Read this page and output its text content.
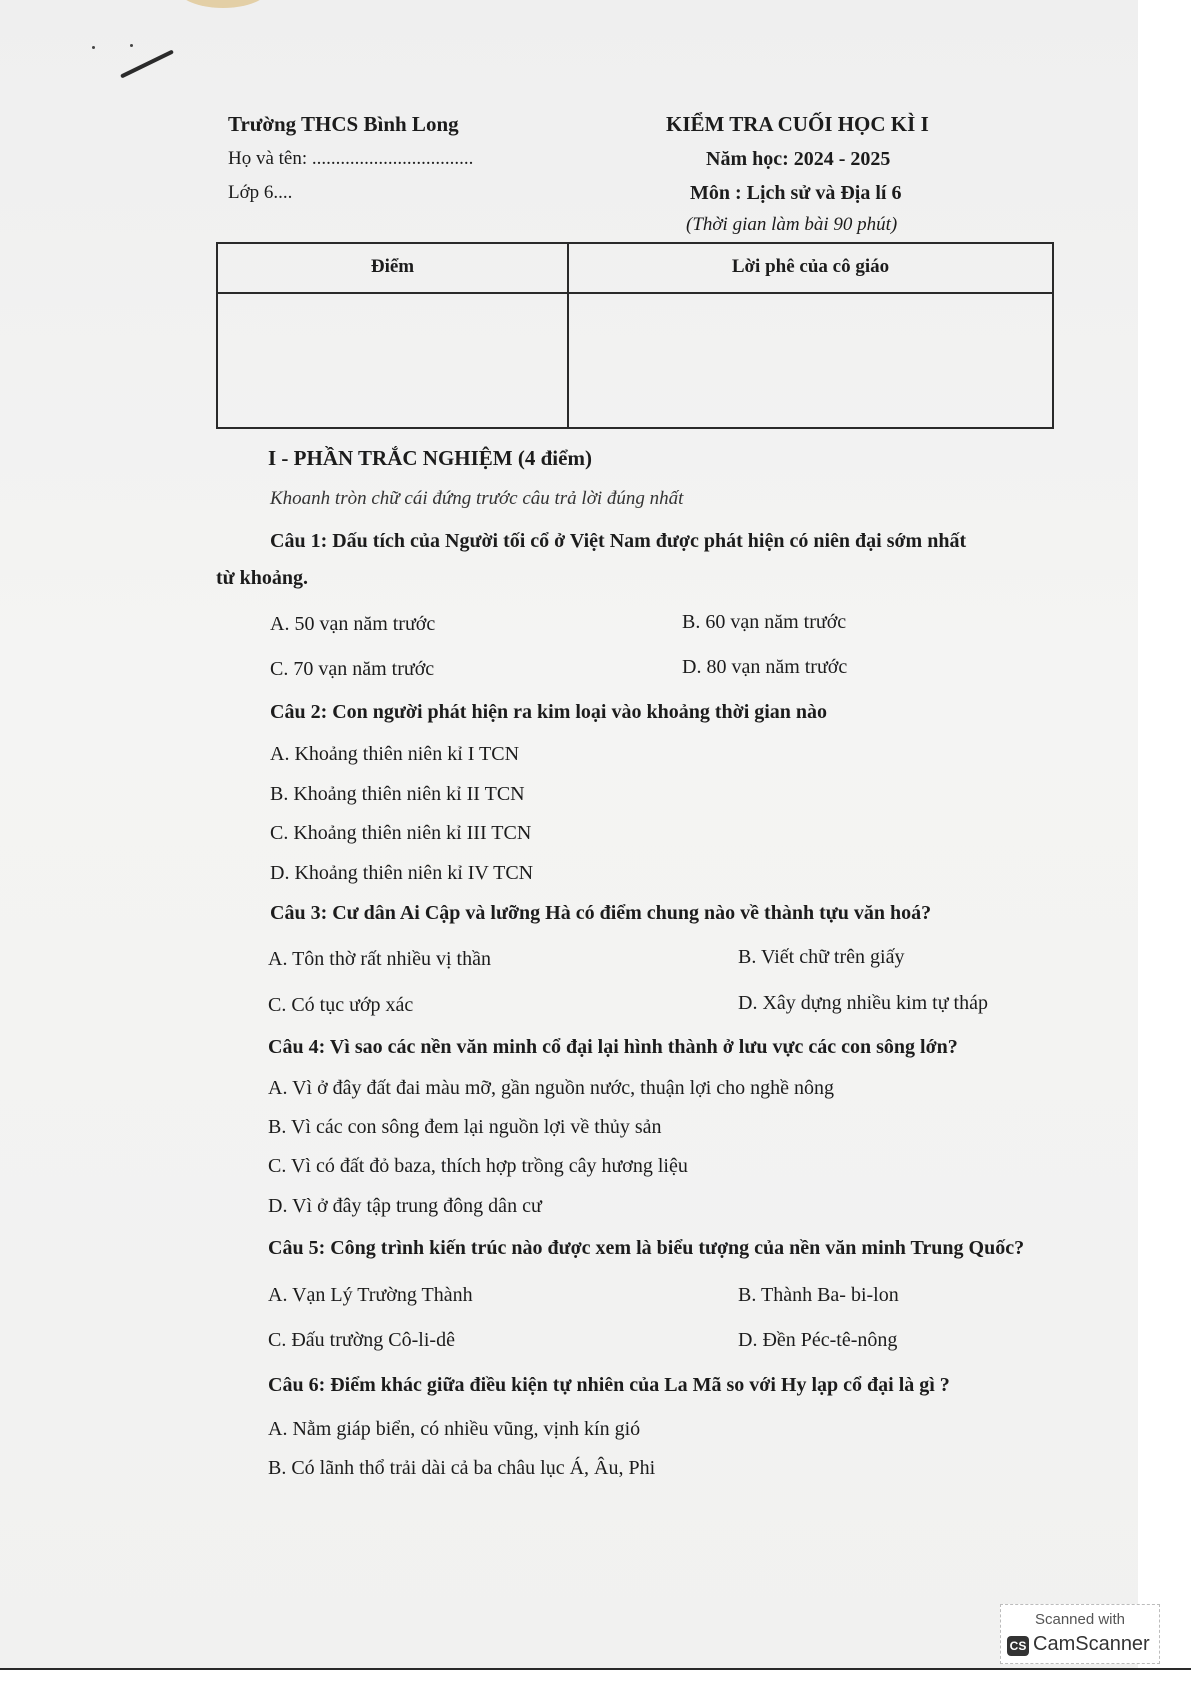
Trường THCS Bình Long
Họ và tên: ..................................
Lớp 6....
KIỂM TRA CUỐI HỌC KÌ I
Năm học: 2024 - 2025
Môn : Lịch sử và Địa lí 6
(Thời gian làm bài 90 phút)
Điểm	Lời phê của cô giáo
I - PHẦN TRẮC NGHIỆM (4 điểm)
Khoanh tròn chữ cái đứng trước câu trả lời đúng nhất
Câu 1: Dấu tích của Người tối cổ ở Việt Nam được phát hiện có niên đại sớm nhất
từ khoảng.
A. 50 vạn năm trước	B. 60 vạn năm trước
C. 70 vạn năm trước	D. 80 vạn năm trước
Câu 2: Con người phát hiện ra kim loại vào khoảng thời gian nào
A. Khoảng thiên niên kỉ I TCN
B. Khoảng thiên niên kỉ II TCN
C. Khoảng thiên niên kỉ III TCN
D. Khoảng thiên niên kỉ IV TCN
Câu 3: Cư dân Ai Cập và lưỡng Hà có điểm chung nào về thành tựu văn hoá?
A. Tôn thờ rất nhiều vị thần	B. Viết chữ trên giấy
C. Có tục ướp xác	D. Xây dựng nhiều kim tự tháp
Câu 4: Vì sao các nền văn minh cổ đại lại hình thành ở lưu vực các con sông lớn?
A. Vì ở đây đất đai màu mỡ, gần nguồn nước, thuận lợi cho nghề nông
B. Vì các con sông đem lại nguồn lợi về thủy sản
C. Vì có đất đỏ baza, thích hợp trồng cây hương liệu
D. Vì ở đây tập trung đông dân cư
Câu 5: Công trình kiến trúc nào được xem là biểu tượng của nền văn minh Trung Quốc?
A. Vạn Lý Trường Thành	B. Thành Ba- bi-lon
C. Đấu trường Cô-li-dê	D. Đền Péc-tê-nông
Câu 6: Điểm khác giữa điều kiện tự nhiên của La Mã so với Hy lạp cổ đại là gì ?
A. Nằm giáp biển, có nhiều vũng, vịnh kín gió
B. Có lãnh thổ trải dài cả ba châu lục Á, Âu, Phi
Scanned with
CS CamScanner
